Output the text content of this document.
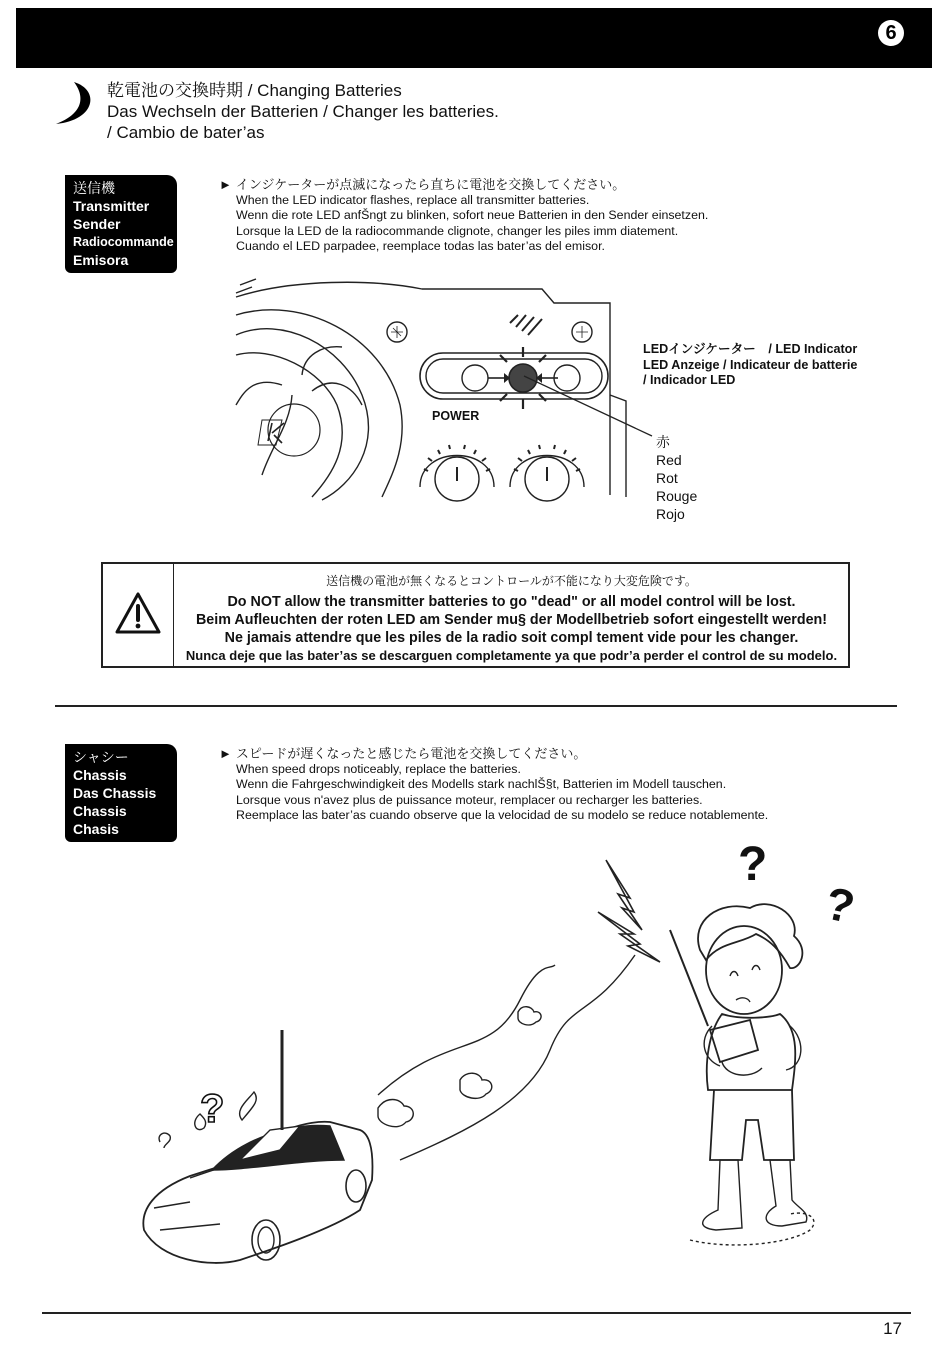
6
乾電池の交換時期 / Changing Batteries
Das Wechseln der Batterien / Changer les batteries.
/ Cambio de bater’as
送信機
Transmitter
Sender
Radiocommande
Emisora
► インジケーターが点滅になったら直ちに電池を交換してください。
When the LED indicator flashes, replace all transmitter batteries.
Wenn die rote LED anfŠngt zu blinken, sofort neue Batterien in den Sender einsetzen.
Lorsque la LED de la radiocommande clignote, changer les piles imm diatement.
Cuando el LED parpadee, reemplace todas las bater’as del emisor.
POWER
LEDインジケーター　/ LED Indicator
LED Anzeige / Indicateur de batterie
/ Indicador LED
赤
Red
Rot
Rouge
Rojo
送信機の電池が無くなるとコントロールが不能になり大変危険です。
Do NOT allow the transmitter batteries to go "dead" or all model control will be lost.
Beim Aufleuchten der roten LED am Sender mu§ der Modellbetrieb sofort eingestellt werden!
Ne jamais attendre que les piles de la radio soit compl tement vide pour les changer.
Nunca deje que las bater’as se descarguen completamente ya que podr’a perder el control de su modelo.
シャシー
Chassis
Das Chassis
Chassis
Chasis
► スピードが遅くなったと感じたら電池を交換してください。
When speed drops noticeably, replace the batteries.
Wenn die Fahrgeschwindigkeit des Modells stark nachlŠ§t, Batterien im Modell tauschen.
Lorsque vous n'avez plus de puissance moteur, remplacer ou recharger les batteries.
Reemplace las bater’as cuando observe que la velocidad de su modelo se reduce notablemente.
?
?
?
17
